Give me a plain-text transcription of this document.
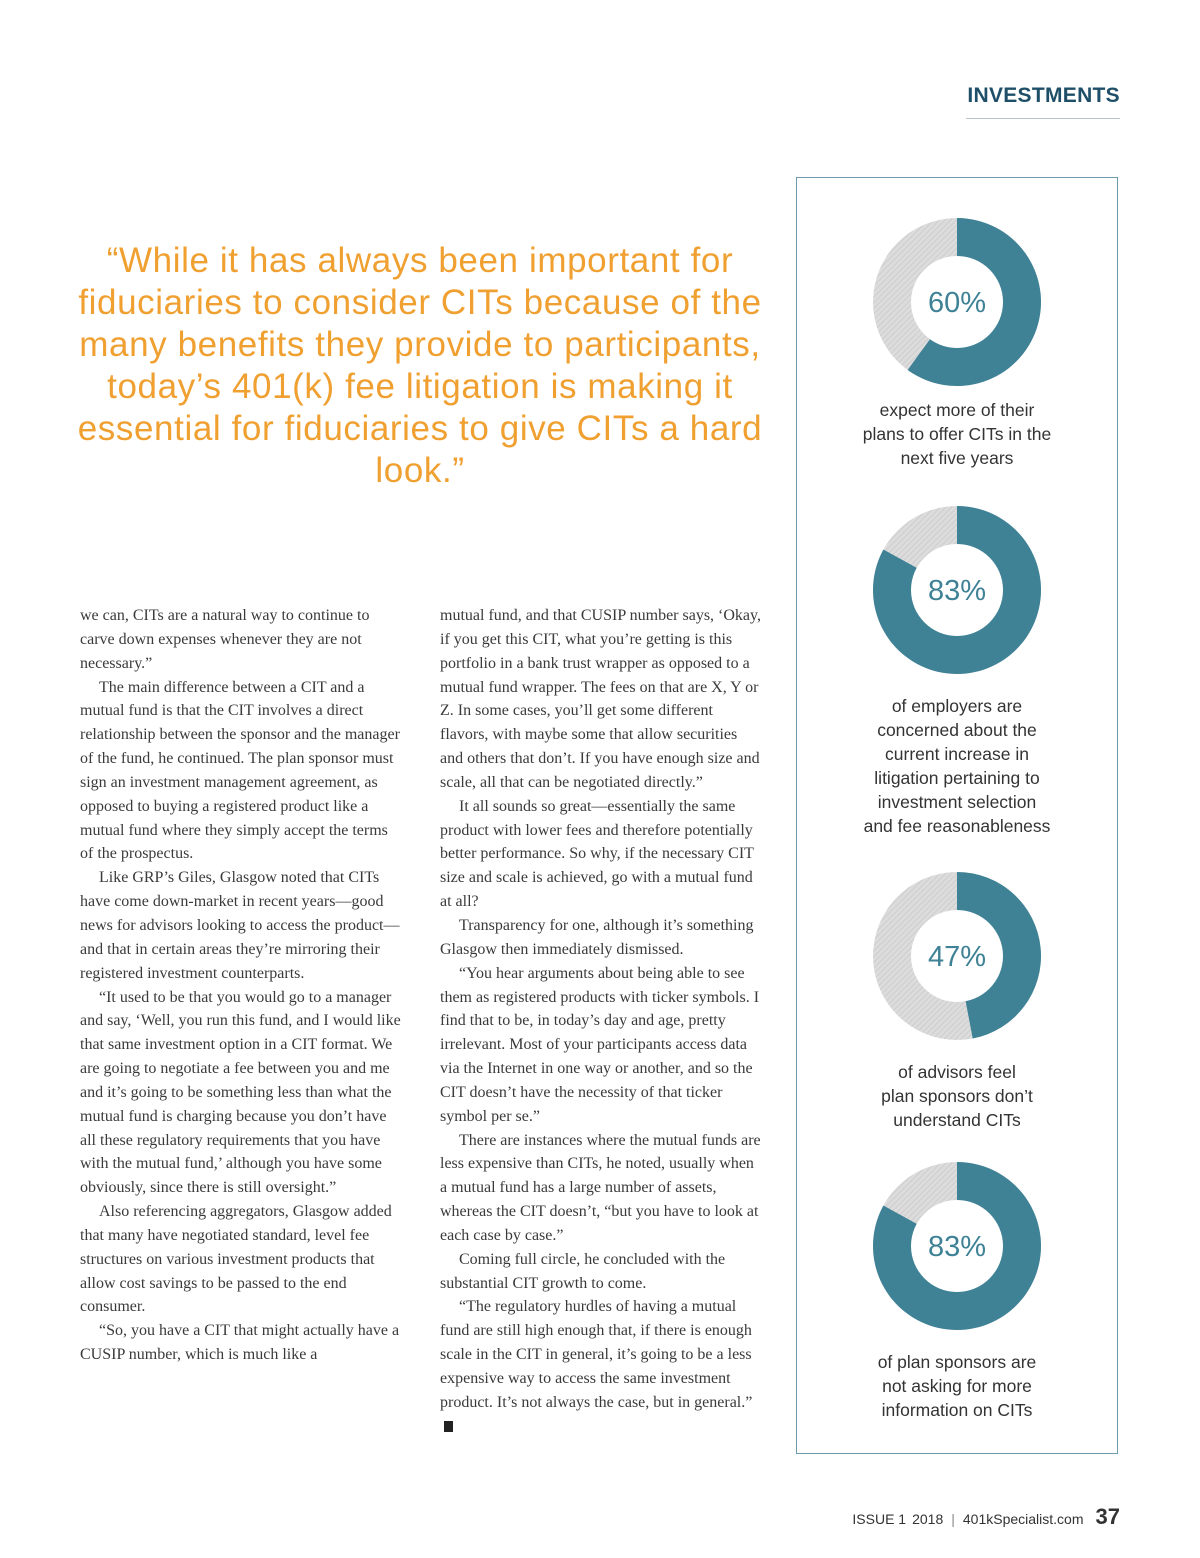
INVESTMENTS
“While it has always been important for fiduciaries to consider CITs because of the many benefits they provide to participants, today’s 401(k) fee litigation is making it essential for fiduciaries to give CITs a hard look.”

we can, CITs are a natural way to continue to carve down expenses whenever they are not necessary.”

The main difference between a CIT and a mutual fund is that the CIT involves a direct relationship between the sponsor and the manager of the fund, he continued. The plan sponsor must sign an investment management agreement, as opposed to buying a registered product like a mutual fund where they simply accept the terms of the prospectus.

Like GRP’s Giles, Glasgow noted that CITs have come down-market in recent years—good news for advisors looking to access the product—and that in certain areas they’re mirroring their registered investment counterparts.

“It used to be that you would go to a manager and say, ‘Well, you run this fund, and I would like that same investment option in a CIT format. We are going to negotiate a fee between you and me and it’s going to be something less than what the mutual fund is charging because you don’t have all these regulatory requirements that you have with the mutual fund,’ although you have some obviously, since there is still oversight.”

Also referencing aggregators, Glasgow added that many have negotiated standard, level fee structures on various investment products that allow cost savings to be passed to the end consumer.

“So, you have a CIT that might actually have a CUSIP number, which is much like a

mutual fund, and that CUSIP number says, ‘Okay, if you get this CIT, what you’re getting is this portfolio in a bank trust wrapper as opposed to a mutual fund wrapper. The fees on that are X, Y or Z. In some cases, you’ll get some different flavors, with maybe some that allow securities and others that don’t. If you have enough size and scale, all that can be negotiated directly.”

It all sounds so great—essentially the same product with lower fees and therefore potentially better performance. So why, if the necessary CIT size and scale is achieved, go with a mutual fund at all?

Transparency for one, although it’s something Glasgow then immediately dismissed.

“You hear arguments about being able to see them as registered products with ticker symbols. I find that to be, in today’s day and age, pretty irrelevant. Most of your participants access data via the Internet in one way or another, and so the CIT doesn’t have the necessity of that ticker symbol per se.”

There are instances where the mutual funds are less expensive than CITs, he noted, usually when a mutual fund has a large number of assets, whereas the CIT doesn’t, “but you have to look at each case by case.”

Coming full circle, he concluded with the substantial CIT growth to come.

“The regulatory hurdles of having a mutual fund are still high enough that, if there is enough scale in the CIT in general, it’s going to be a less expensive way to access the same investment product. It’s not always the case, but in general.”

60%
expect more of their
plans to offer CITs in the
next five years
83%
of employers are
concerned about the
current increase in
litigation pertaining to
investment selection
and fee reasonableness
47%
of advisors feel
plan sponsors don’t
understand CITs
83%
of plan sponsors are
not asking for more
information on CITs
ISSUE 1 2018 | 401kSpecialist.com 37
